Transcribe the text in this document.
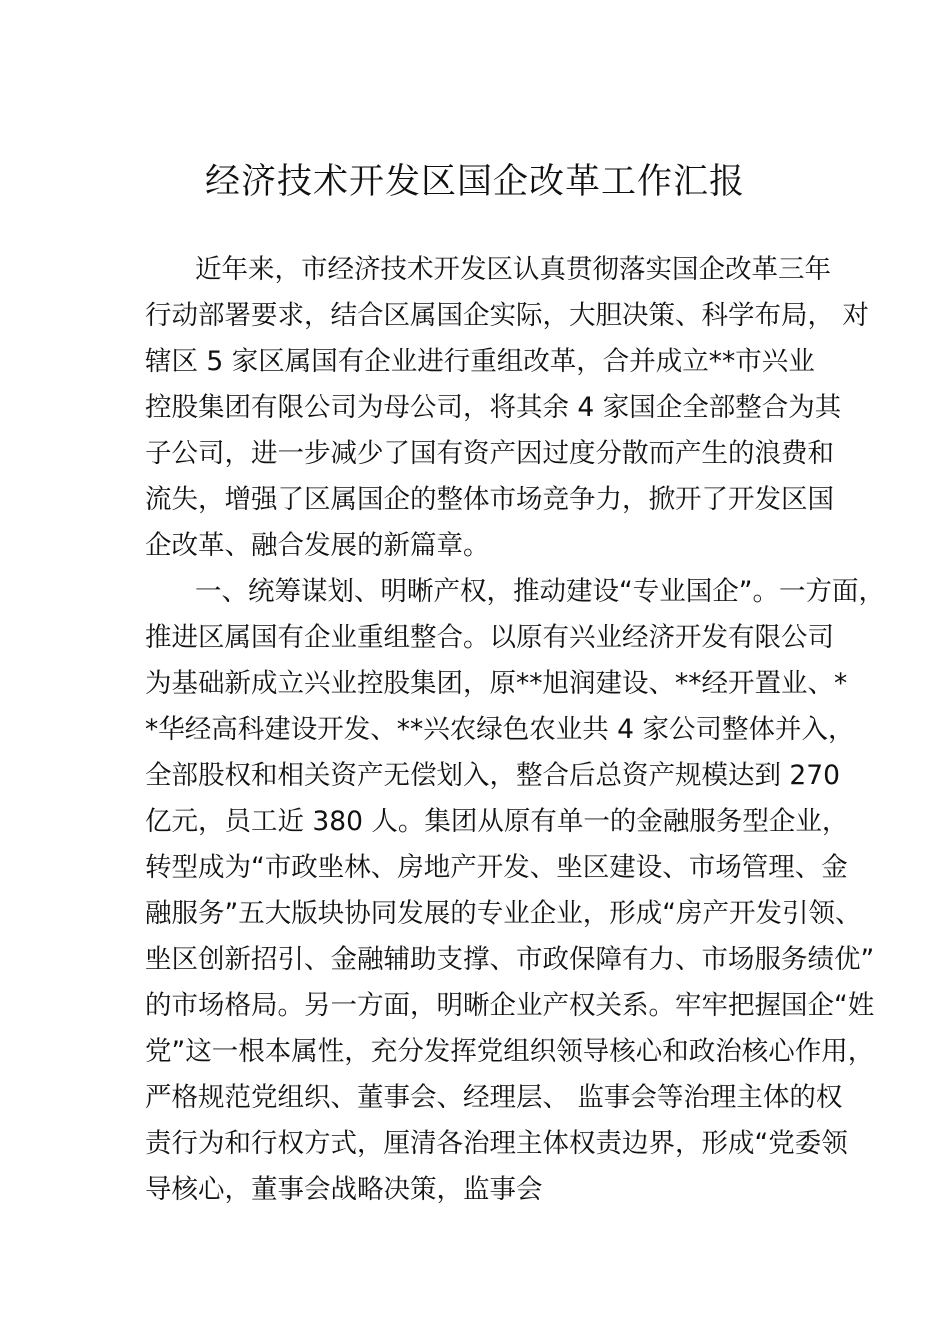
经济技术开发区国企改革工作汇报

近年来，市经济技术开发区认真贯彻落实国企改革三年

行动部署要求，结合区属国企实际，大胆决策、科学布局， 对

辖区 5 家区属国有企业进行重组改革，合并成立**市兴业

控股集团有限公司为母公司，将其余 4 家国企全部整合为其

子公司，进一步减少了国有资产因过度分散而产生的浪费和

流失，增强了区属国企的整体市场竞争力，掀开了开发区国

企改革、融合发展的新篇章。

一、统筹谋划、明晰产权，推动建设“专业国企”。一方面，

推进区属国有企业重组整合。以原有兴业经济开发有限公司

为基础新成立兴业控股集团，原**旭润建设、**经开置业、*

*华经高科建设开发、**兴农绿色农业共 4 家公司整体并入，

全部股权和相关资产无偿划入，整合后总资产规模达到 270

亿元，员工近 380 人。集团从原有单一的金融服务型企业，

转型成为“市政㘴林、房地产开发、㘴区建设、市场管理、金

融服务”五大版块协同发展的专业企业，形成“房产开发引领、

㘴区创新招引、金融辅助支撑、市政保障有力、市场服务绩优”

的市场格局。另一方面，明晰企业产权关系。牢牢把握国企“姓

党”这一根本属性，充分发挥党组织领导核心和政治核心作用，

严格规范党组织、董事会、经理层、 监事会等治理主体的权

责行为和行权方式，厘清各治理主体权责边界，形成“党委领

导核心，董事会战略决策，监事会
